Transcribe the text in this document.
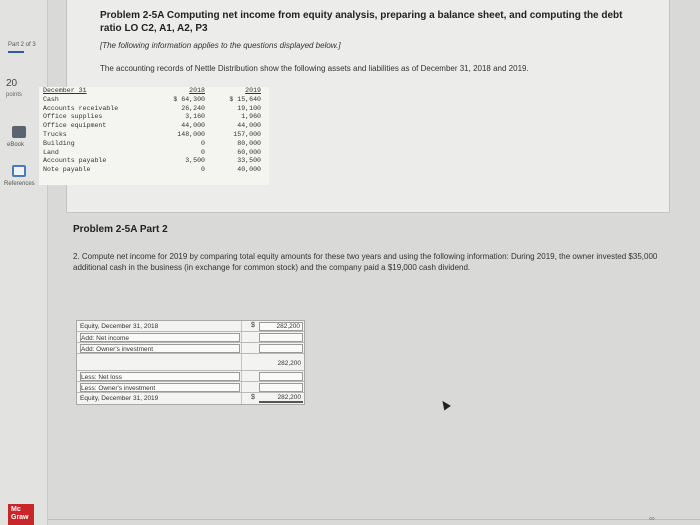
Part 2 of 3
20
points
eBook
References
Mc Graw
Problem 2-5A Computing net income from equity analysis, preparing a balance sheet, and computing the debt ratio LO C2, A1, A2, P3
[The following information applies to the questions displayed below.]
The accounting records of Nettle Distribution show the following assets and liabilities as of December 31, 2018 and 2019.
December 31	2018	2019
Cash	$ 64,300	$ 15,640
Accounts receivable	26,240	19,100
Office supplies	3,160	1,960
Office equipment	44,000	44,000
Trucks	148,000	157,000
Building	0	80,000
Land	0	60,000
Accounts payable	3,500	33,500
Note payable	0	40,000
Problem 2-5A Part 2
2. Compute net income for 2019 by comparing total equity amounts for these two years and using the following information: During 2019, the owner invested $35,000 additional cash in the business (in exchange for common stock) and the company paid a $19,000 cash dividend.
Equity, December 31, 2018	$	282,200
Add: Net income
Add: Owner's investment
282,200
Less: Net loss
Less: Owner's investment
Equity, December 31, 2019	$	282,200
∞
